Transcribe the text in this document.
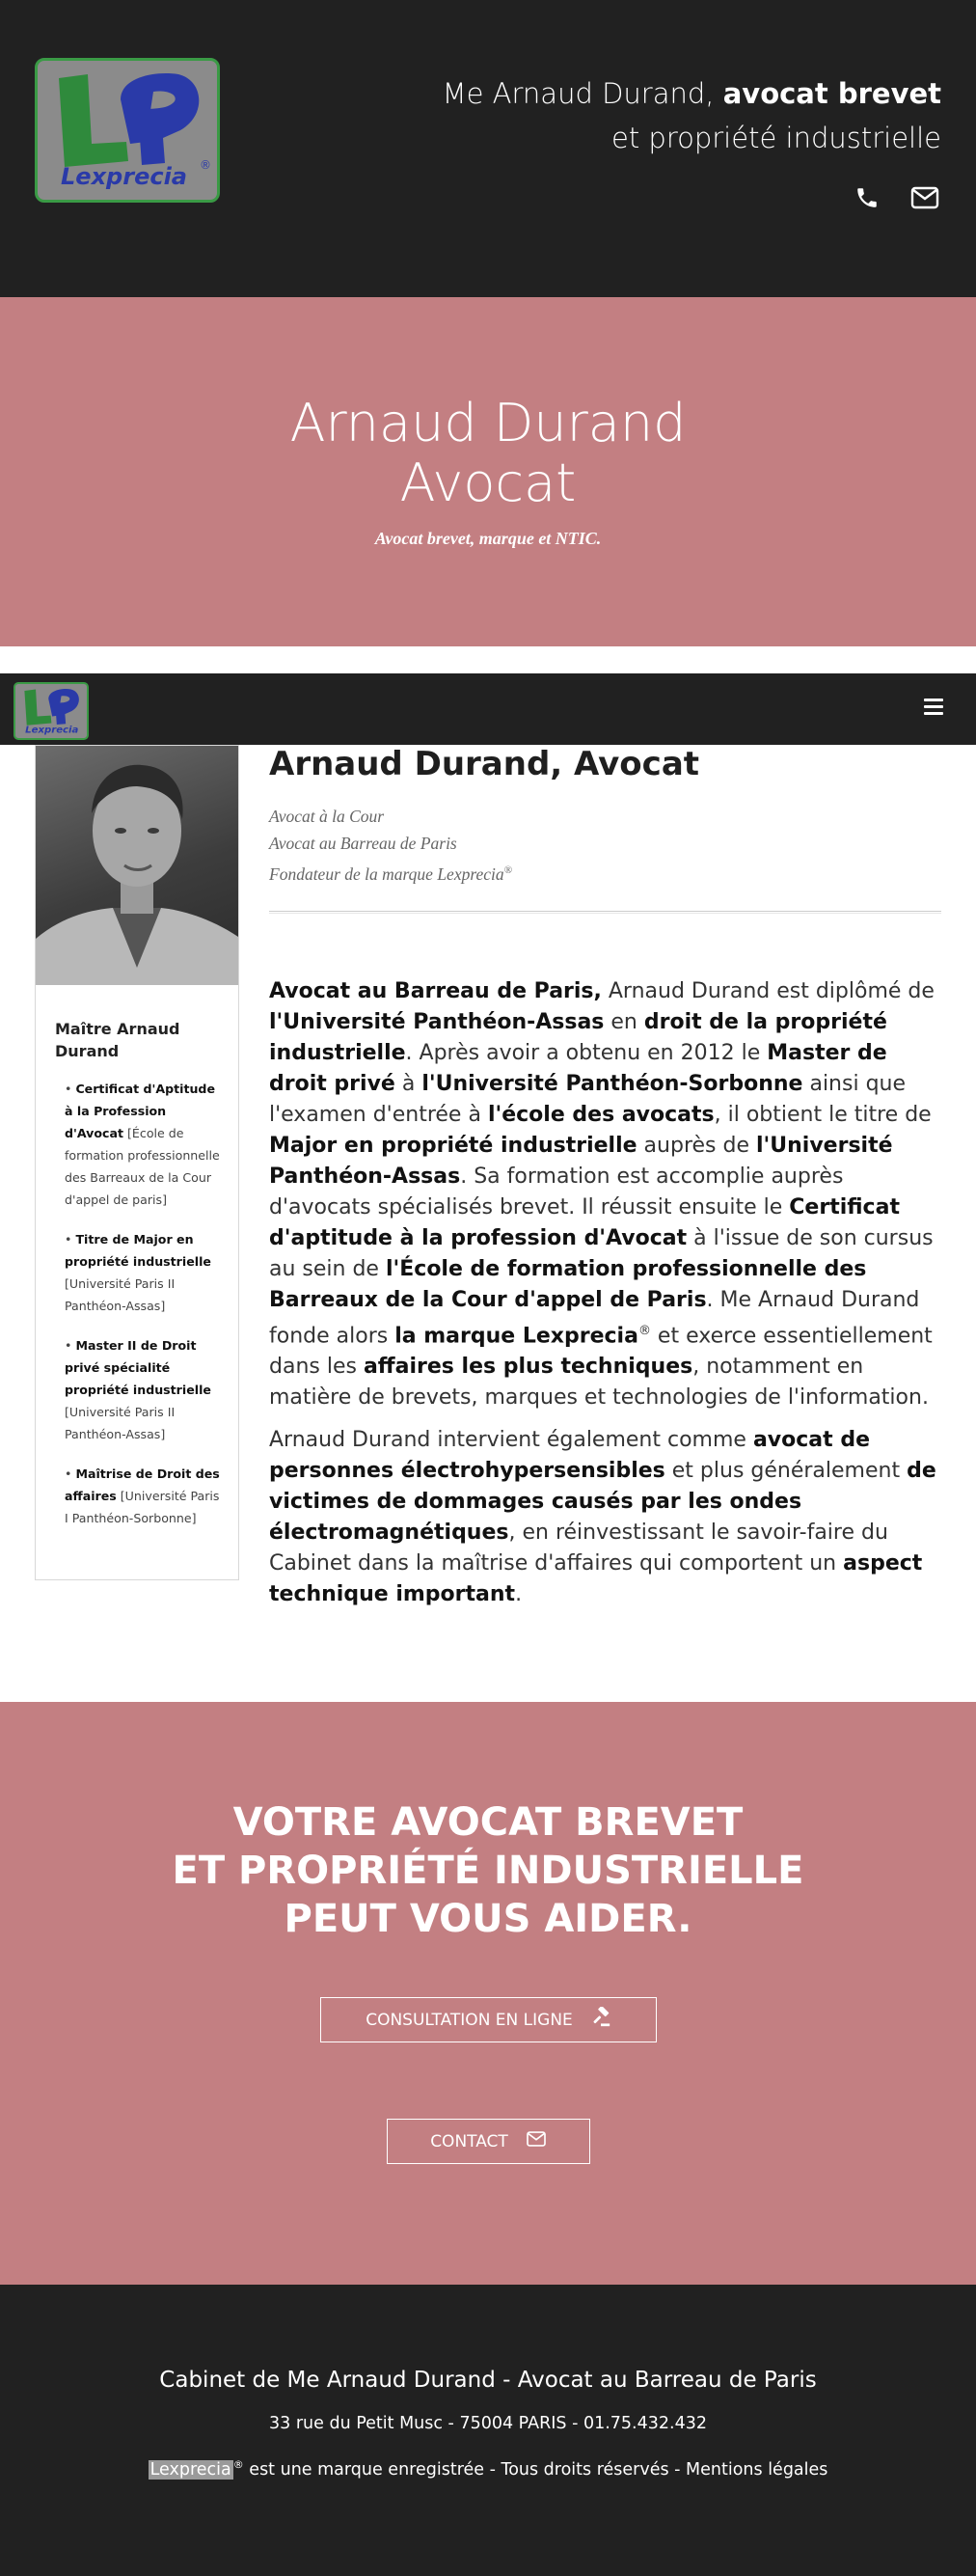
Lexprecia ®
Me Arnaud Durand, avocat brevet
et propriété industrielle
Arnaud Durand
Avocat
Avocat brevet, marque et NTIC.
Lexprecia
Maître Arnaud Durand
• Certificat d'Aptitude à la Profession d'Avocat [École de formation professionnelle des Barreaux de la Cour d'appel de paris]
• Titre de Major en propriété industrielle [Université Paris II Panthéon-Assas]
• Master II de Droit privé spécialité propriété industrielle [Université Paris II Panthéon-Assas]
• Maîtrise de Droit des affaires [Université Paris I Panthéon-Sorbonne]
Arnaud Durand, Avocat
Avocat à la Cour
Avocat au Barreau de Paris
Fondateur de la marque Lexprecia®

Avocat au Barreau de Paris, Arnaud Durand est diplômé de l'Université Panthéon-Assas en droit de la propriété industrielle. Après avoir a obtenu en 2012 le Master de droit privé à l'Université Panthéon-Sorbonne ainsi que l'examen d'entrée à l'école des avocats, il obtient le titre de Major en propriété industrielle auprès de l'Université Panthéon-Assas. Sa formation est accomplie auprès d'avocats spécialisés brevet. Il réussit ensuite le Certificat d'aptitude à la profession d'Avocat à l'issue de son cursus au sein de l'École de formation professionnelle des Barreaux de la Cour d'appel de Paris. Me Arnaud Durand fonde alors la marque Lexprecia® et exerce essentiellement dans les affaires les plus techniques, notamment en matière de brevets, marques et technologies de l'information.

Arnaud Durand intervient également comme avocat de personnes électrohypersensibles et plus généralement de victimes de dommages causés par les ondes électromagnétiques, en réinvestissant le savoir-faire du Cabinet dans la maîtrise d'affaires qui comportent un aspect technique important.

VOTRE AVOCAT BREVET
ET PROPRIÉTÉ INDUSTRIELLE
PEUT VOUS AIDER.
CONSULTATION EN LIGNE
CONTACT
Cabinet de Me Arnaud Durand - Avocat au Barreau de Paris
33 rue du Petit Musc - 75004 PARIS - 01.75.432.432
Lexprecia ® est une marque enregistrée - Tous droits réservés - Mentions légales
